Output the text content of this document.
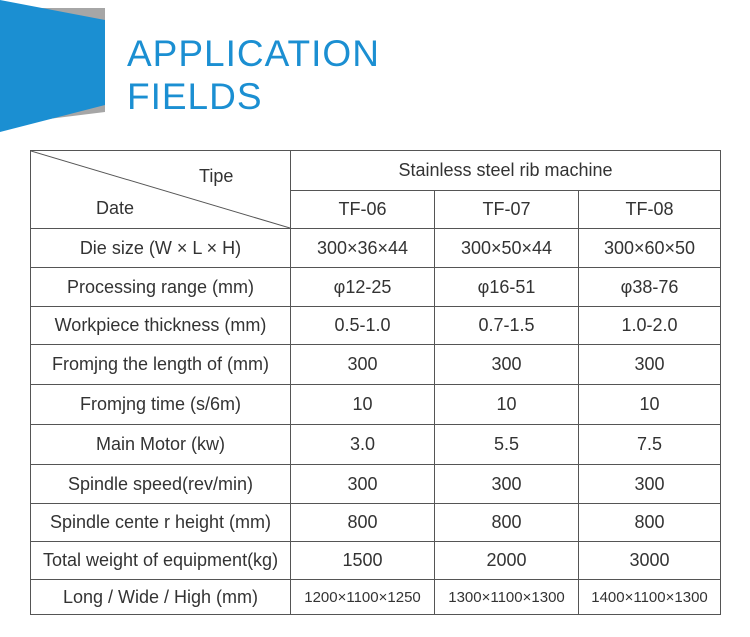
APPLICATION
FIELDS
Tipe
Date	Stainless steel rib machine		
	TF-06	TF-07	TF-08
Die size (W × L × H)	300×36×44	300×50×44	300×60×50
Processing range (mm)	φ12-25	φ16-51	φ38-76
Workpiece thickness (mm)	0.5-1.0	0.7-1.5	1.0-2.0
Fromjng the length of (mm)	300	300	300
Fromjng time (s/6m)	10	10	10
Main Motor (kw)	3.0	5.5	7.5
Spindle speed(rev/min)	300	300	300
Spindle cente r height (mm)	800	800	800
Total weight of equipment(kg)	1500	2000	3000
Long / Wide / High (mm)	1200×1100×1250	1300×1100×1300	1400×1100×1300
